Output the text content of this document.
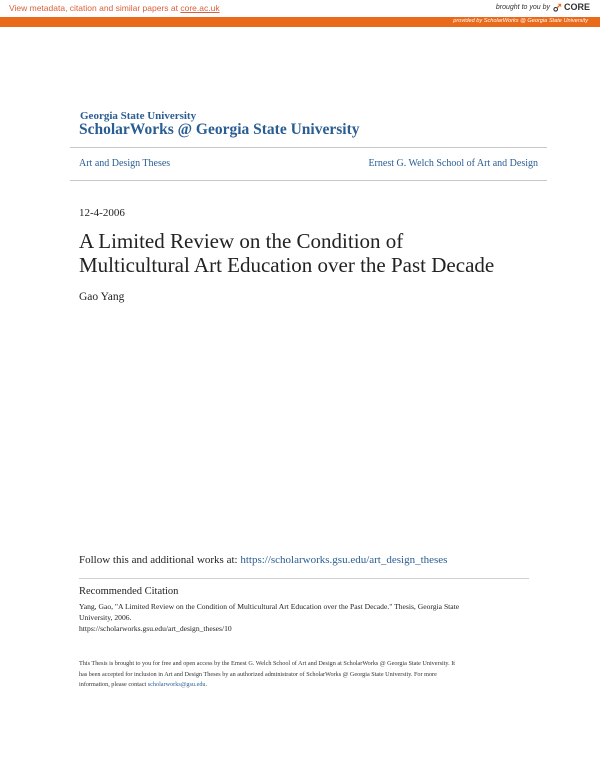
View metadata, citation and similar papers at core.ac.uk	brought to you by CORE
provided by ScholarWorks @ Georgia State University
Georgia State University
ScholarWorks @ Georgia State University
Art and Design Theses	Ernest G. Welch School of Art and Design
12-4-2006
A Limited Review on the Condition of
Multicultural Art Education over the Past Decade
Gao Yang
Follow this and additional works at: https://scholarworks.gsu.edu/art_design_theses
Recommended Citation
Yang, Gao, "A Limited Review on the Condition of Multicultural Art Education over the Past Decade." Thesis, Georgia State
University, 2006.
https://scholarworks.gsu.edu/art_design_theses/10
This Thesis is brought to you for free and open access by the Ernest G. Welch School of Art and Design at ScholarWorks @ Georgia State University. It
has been accepted for inclusion in Art and Design Theses by an authorized administrator of ScholarWorks @ Georgia State University. For more
information, please contact scholarworks@gsu.edu.
